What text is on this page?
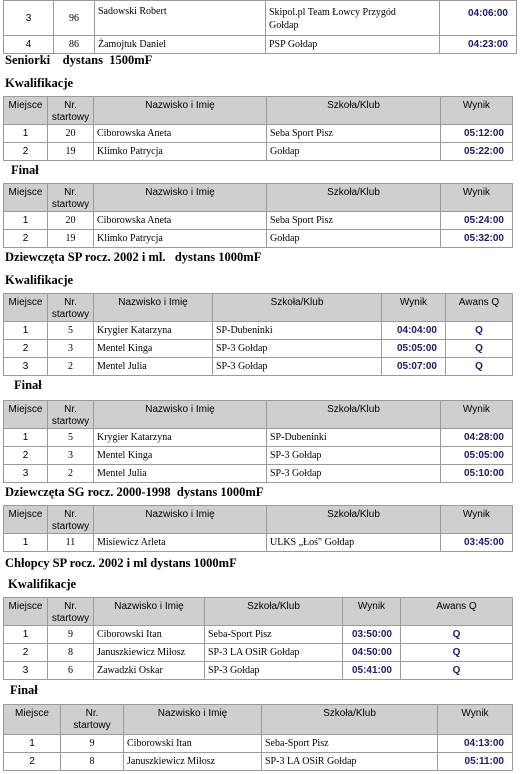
3	96	Sadowski Robert	Skipol.pl Team Łowcy Przygód
Gołdap	04:06:00
4	86	Żamojtuk Daniel	PSP Gołdap	04:23:00
Seniorki    dystans  1500mF
Kwalifikacje
Miejsce	Nr.
startowy	Nazwisko i Imię	Szkoła/Klub	Wynik
1	20	Ciborowska Aneta	Seba Sport Pisz	05:12:00
2	19	Klimko Patrycja	Gołdap	05:22:00
Finał
Miejsce	Nr.
startowy	Nazwisko i Imię	Szkoła/Klub	Wynik
1	20	Ciborowska Aneta	Seba Sport Pisz	05:24:00
2	19	Klimko Patrycja	Gołdap	05:32:00
Dziewczęta SP rocz. 2002 i ml.   dystans 1000mF
Kwalifikacje
Miejsce	Nr.
startowy	Nazwisko i Imię	Szkoła/Klub	Wynik	Awans Q
1	5	Krygier Katarzyna	SP-Dubeninki	04:04:00	Q
2	3	Mentel Kinga	SP-3 Gołdap	05:05:00	Q
3	2	Mentel Julia	SP-3 Gołdap	05:07:00	Q
Finał
Miejsce	Nr.
startowy	Nazwisko i Imię	Szkoła/Klub	Wynik
1	5	Krygier Katarzyna	SP-Dubeninki	04:28:00
2	3	Mentel Kinga	SP-3 Gołdap	05:05:00
3	2	Mentel Julia	SP-3 Gołdap	05:10:00
Dziewczęta SG rocz. 2000-1998  dystans 1000mF
Miejsce	Nr.
startowy	Nazwisko i Imię	Szkoła/Klub	Wynik
1	11	Misiewicz Arleta	ULKS „Łoś" Gołdap	03:45:00
Chłopcy SP rocz. 2002 i ml dystans 1000mF
Kwalifikacje
Miejsce	Nr.
startowy	Nazwisko i Imię	Szkoła/Klub	Wynik	Awans Q
1	9	Ciborowski Itan	Seba-Sport Pisz	03:50:00	Q
2	8	Januszkiewicz Miłosz	SP-3 LA OSiR Gołdap	04:50:00	Q
3	6	Zawadzki Oskar	SP-3 Gołdap	05:41:00	Q
Finał
Miejsce	Nr.
startowy	Nazwisko i Imię	Szkoła/Klub	Wynik
1	9	Ciborowski Itan	Seba-Sport Pisz	04:13:00
2	8	Januszkiewicz Miłosz	SP-3 LA OSiR Gołdap	05:11:00
